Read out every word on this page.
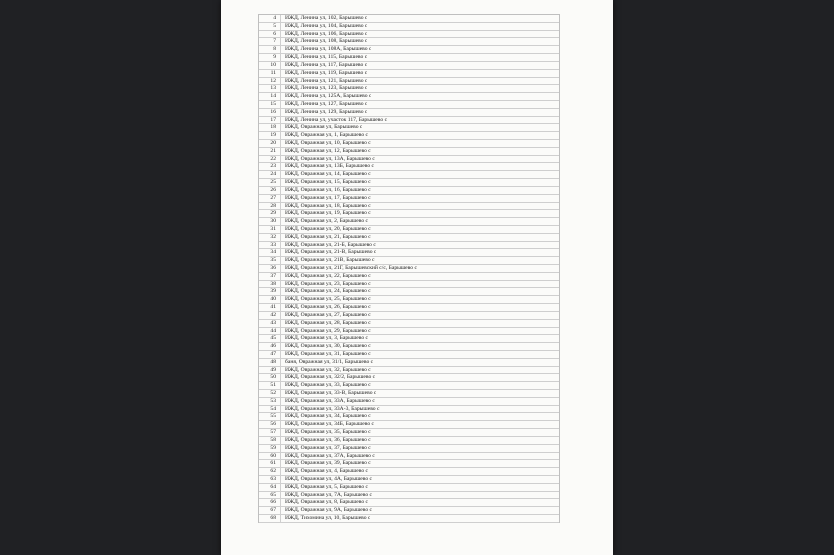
4	ИЖД, Ленина ул, 102, Барышево с
5	ИЖД, Ленина ул, 104, Барышево с
6	ИЖД, Ленина ул, 106, Барышево с
7	ИЖД, Ленина ул, 108, Барышево с
8	ИЖД, Ленина ул, 108А, Барышево с
9	ИЖД, Ленина ул, 115, Барышево с
10	ИЖД, Ленина ул, 117, Барышево с
11	ИЖД, Ленина ул, 119, Барышево с
12	ИЖД, Ленина ул, 121, Барышево с
13	ИЖД, Ленина ул, 123, Барышево с
14	ИЖД, Ленина ул, 125А, Барышево с
15	ИЖД, Ленина ул, 127, Барышево с
16	ИЖД, Ленина ул, 129, Барышево с
17	ИЖД, Ленина ул, участок 117, Барышево с
18	ИЖД, Овражная ул, Барышево с
19	ИЖД, Овражная ул, 1, Барышево с
20	ИЖД, Овражная ул, 10, Барышево с
21	ИЖД, Овражная ул, 12, Барышево с
22	ИЖД, Овражная ул, 13А, Барышево с
23	ИЖД, Овражная ул, 13Б, Барышево с
24	ИЖД, Овражная ул, 14, Барышево с
25	ИЖД, Овражная ул, 15, Барышево с
26	ИЖД, Овражная ул, 16, Барышево с
27	ИЖД, Овражная ул, 17, Барышево с
28	ИЖД, Овражная ул, 18, Барышево с
29	ИЖД, Овражная ул, 19, Барышево с
30	ИЖД, Овражная ул, 2, Барышево с
31	ИЖД, Овражная ул, 20, Барышево с
32	ИЖД, Овражная ул, 21, Барышево с
33	ИЖД, Овражная ул, 21-Б, Барышево с
34	ИЖД, Овражная ул, 21-В, Барышево с
35	ИЖД, Овражная ул, 21В, Барышево с
36	ИЖД, Овражная ул, 21Г, Барышевский с/с, Барышево с
37	ИЖД, Овражная ул, 22, Барышево с
38	ИЖД, Овражная ул, 23, Барышево с
39	ИЖД, Овражная ул, 24, Барышево с
40	ИЖД, Овражная ул, 25, Барышево с
41	ИЖД, Овражная ул, 26, Барышево с
42	ИЖД, Овражная ул, 27, Барышево с
43	ИЖД, Овражная ул, 28, Барышево с
44	ИЖД, Овражная ул, 29, Барышево с
45	ИЖД, Овражная ул, 3, Барышево с
46	ИЖД, Овражная ул, 30, Барышево с
47	ИЖД, Овражная ул, 31, Барышево с
48	баня, Овражная ул, 31/1, Барышево с
49	ИЖД, Овражная ул, 32, Барышево с
50	ИЖД, Овражная ул, 32/2, Барышево с
51	ИЖД, Овражная ул, 33, Барышево с
52	ИЖД, Овражная ул, 33-В, Барышево с
53	ИЖД, Овражная ул, 33А, Барышево с
54	ИЖД, Овражная ул, 33А-3, Барышево с
55	ИЖД, Овражная ул, 34, Барышево с
56	ИЖД, Овражная ул, 34Б, Барышево с
57	ИЖД, Овражная ул, 35, Барышево с
58	ИЖД, Овражная ул, 36, Барышево с
59	ИЖД, Овражная ул, 37, Барышево с
60	ИЖД, Овражная ул, 37А, Барышево с
61	ИЖД, Овражная ул, 39, Барышево с
62	ИЖД, Овражная ул, 4, Барышево с
63	ИЖД, Овражная ул, 4А, Барышево с
64	ИЖД, Овражная ул, 5, Барышево с
65	ИЖД, Овражная ул, 7А, Барышево с
66	ИЖД, Овражная ул, 8, Барышево с
67	ИЖД, Овражная ул, 9А, Барышево с
68	ИЖД, Тихомина ул, 10, Барышево с
